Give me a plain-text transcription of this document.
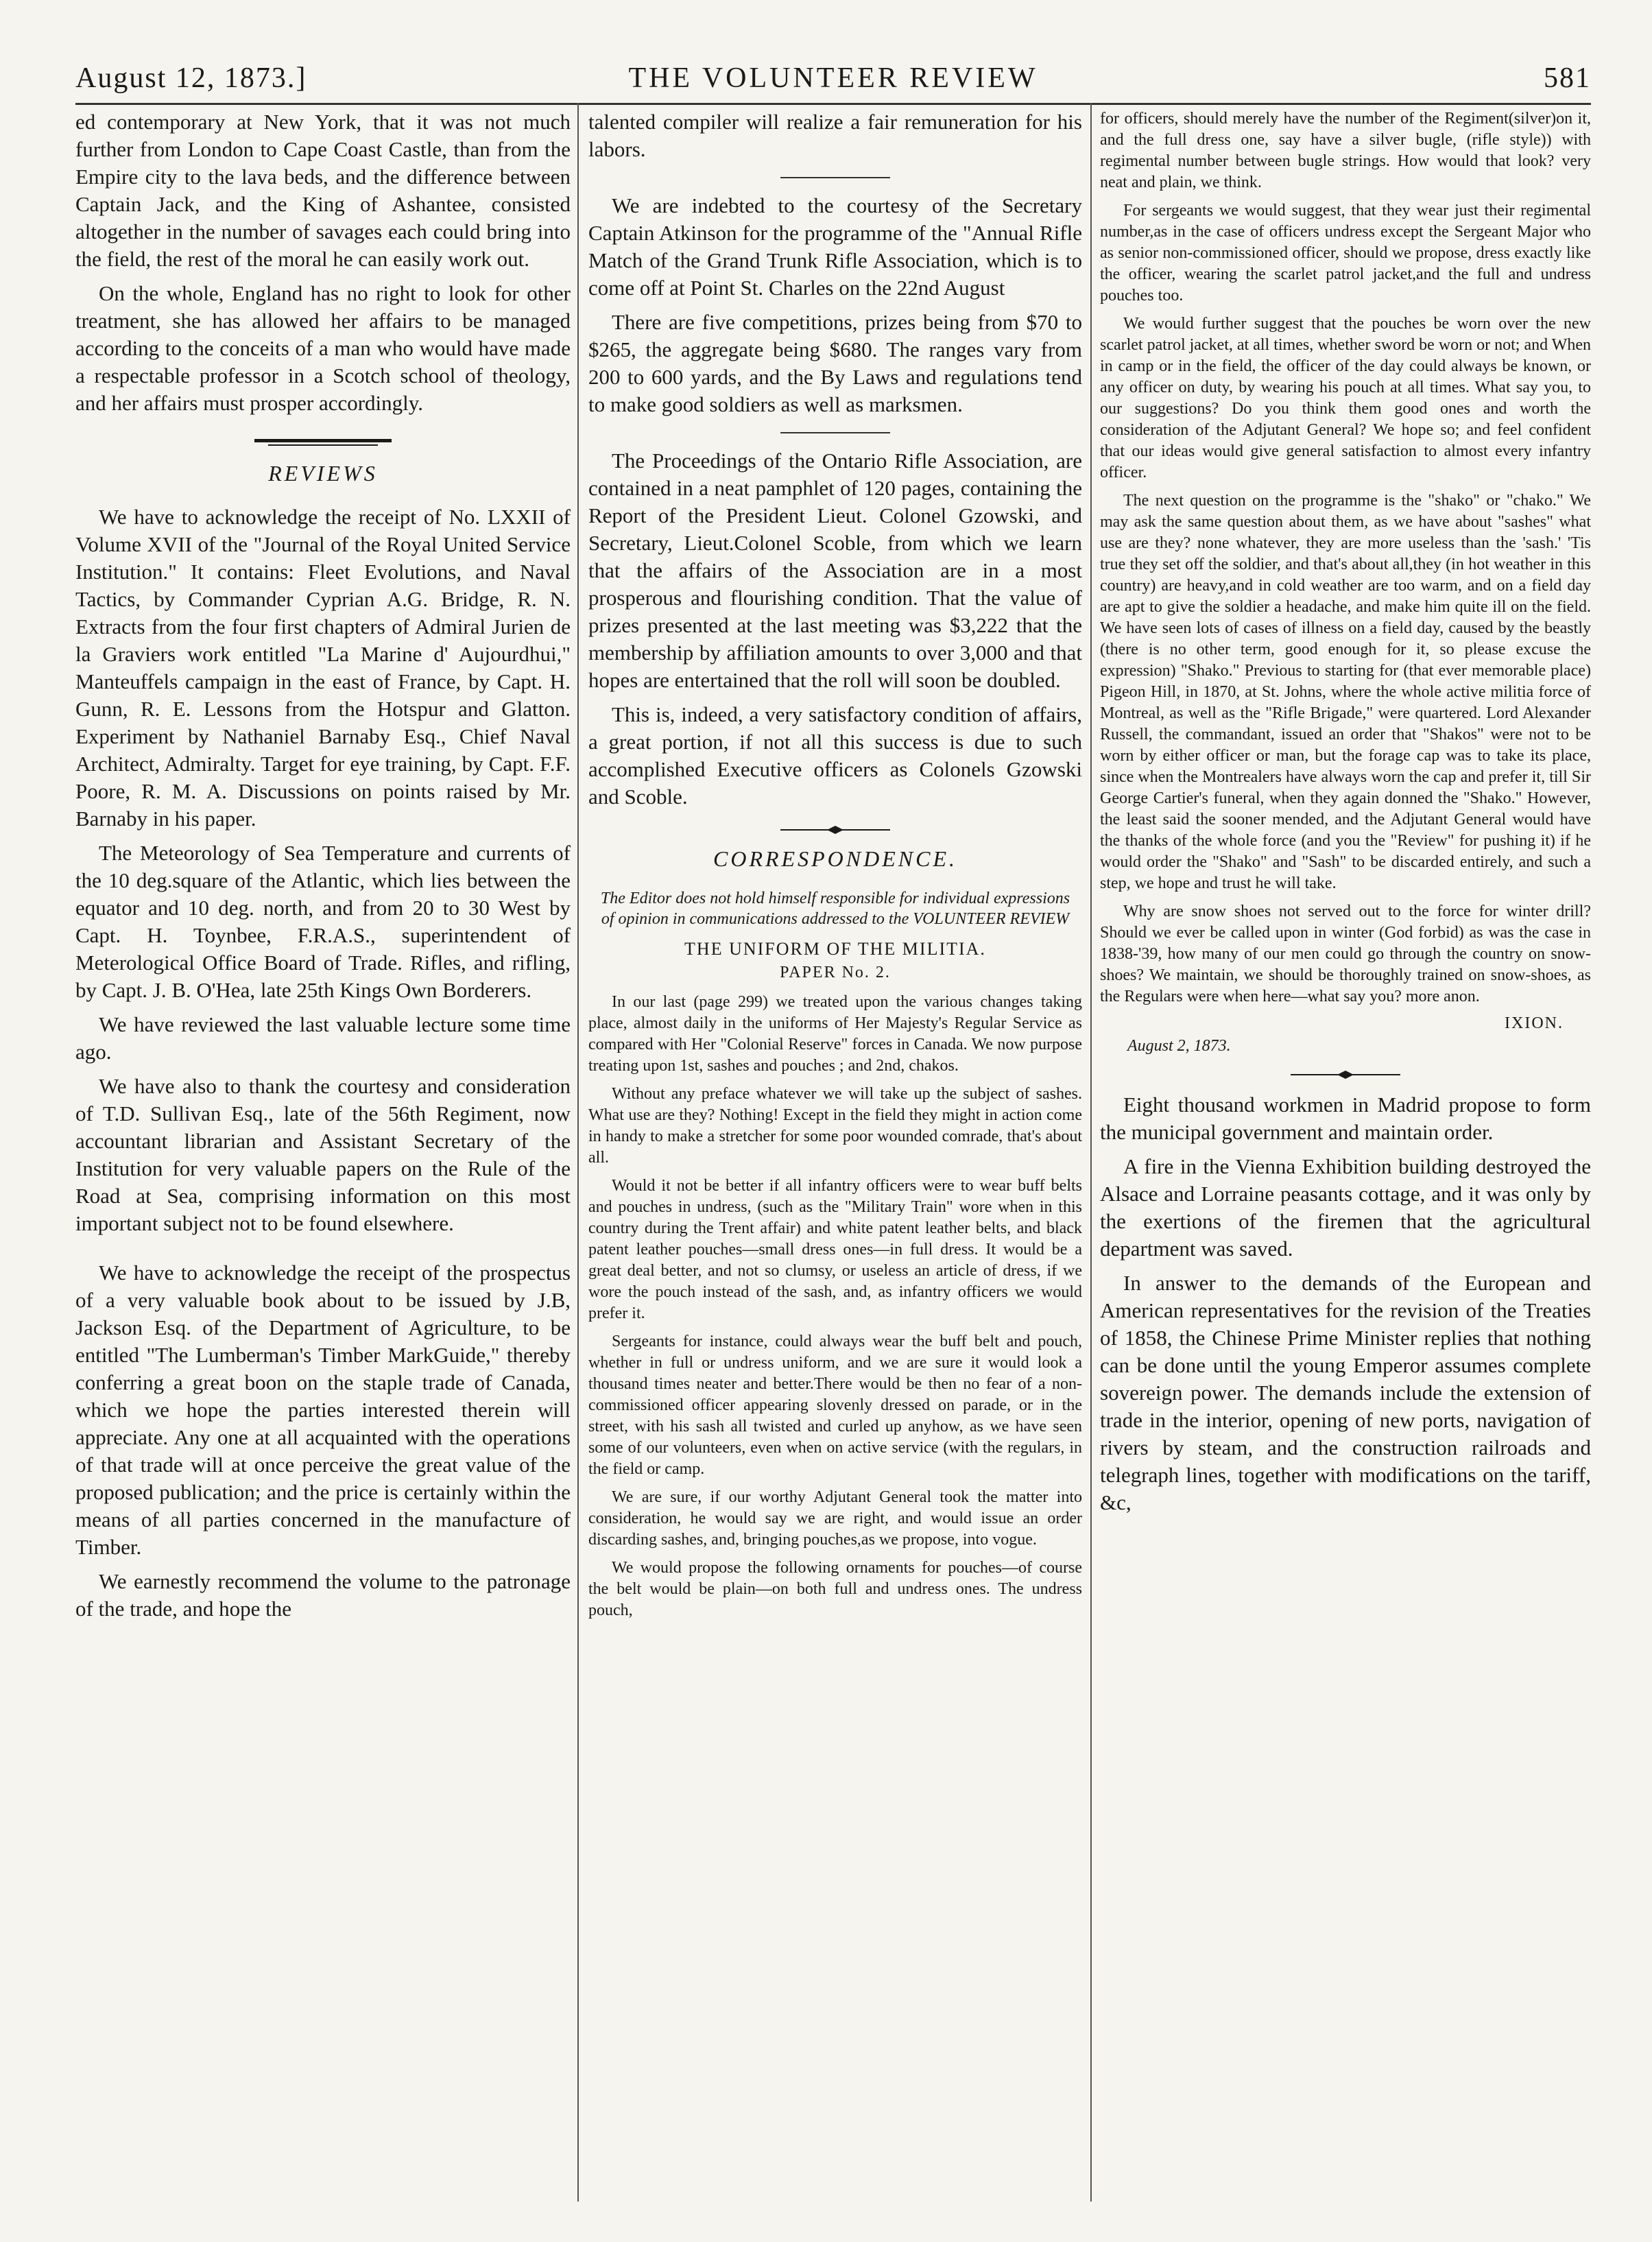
August 12, 1873.]	THE VOLUNTEER REVIEW	581

ed contemporary at New York, that it was not much further from London to Cape Coast Castle, than from the Empire city to the lava beds, and the difference between Captain Jack, and the King of Ashantee, consisted altogether in the number of savages each could bring into the field, the rest of the moral he can easily work out.

On the whole, England has no right to look for other treatment, she has allowed her affairs to be managed according to the conceits of a man who would have made a respectable professor in a Scotch school of theology, and her affairs must prosper accordingly.

REVIEWS

We have to acknowledge the receipt of No. LXXII of Volume XVII of the "Journal of the Royal United Service Institution." It contains: Fleet Evolutions, and Naval Tactics, by Commander Cyprian A.G. Bridge, R. N. Extracts from the four first chapters of Admiral Jurien de la Graviers work entitled "La Marine d' Aujourdhui," Manteuffels campaign in the east of France, by Capt. H. Gunn, R. E. Lessons from the Hotspur and Glatton. Experiment by Nathaniel Barnaby Esq., Chief Naval Architect, Admiralty. Target for eye training, by Capt. F.F. Poore, R. M. A. Discussions on points raised by Mr. Barnaby in his paper.

The Meteorology of Sea Temperature and currents of the 10 deg.square of the Atlantic, which lies between the equator and 10 deg. north, and from 20 to 30 West by Capt. H. Toynbee, F.R.A.S., superintendent of Meterological Office Board of Trade. Rifles, and rifling, by Capt. J. B. O'Hea, late 25th Kings Own Borderers.

We have reviewed the last valuable lecture some time ago.

We have also to thank the courtesy and consideration of T.D. Sullivan Esq., late of the 56th Regiment, now accountant librarian and Assistant Secretary of the Institution for very valuable papers on the Rule of the Road at Sea, comprising information on this most important subject not to be found elsewhere.

We have to acknowledge the receipt of the prospectus of a very valuable book about to be issued by J.B, Jackson Esq. of the Department of Agriculture, to be entitled "The Lumberman's Timber MarkGuide," thereby conferring a great boon on the staple trade of Canada, which we hope the parties interested therein will appreciate. Any one at all acquainted with the operations of that trade will at once perceive the great value of the proposed publication; and the price is certainly within the means of all parties concerned in the manufacture of Timber.

We earnestly recommend the volume to the patronage of the trade, and hope the

talented compiler will realize a fair remuneration for his labors.

We are indebted to the courtesy of the Secretary Captain Atkinson for the programme of the "Annual Rifle Match of the Grand Trunk Rifle Association, which is to come off at Point St. Charles on the 22nd August

There are five competitions, prizes being from $70 to $265, the aggregate being $680. The ranges vary from 200 to 600 yards, and the By Laws and regulations tend to make good soldiers as well as marksmen.

The Proceedings of the Ontario Rifle Association, are contained in a neat pamphlet of 120 pages, containing the Report of the President Lieut. Colonel Gzowski, and Secretary, Lieut.Colonel Scoble, from which we learn that the affairs of the Association are in a most prosperous and flourishing condition. That the value of prizes presented at the last meeting was $3,222 that the membership by affiliation amounts to over 3,000 and that hopes are entertained that the roll will soon be doubled.

This is, indeed, a very satisfactory condition of affairs, a great portion, if not all this success is due to such accomplished Executive officers as Colonels Gzowski and Scoble.

CORRESPONDENCE.
The Editor does not hold himself responsible for individual expressions of opinion in communications addressed to the VOLUNTEER REVIEW
THE UNIFORM OF THE MILITIA.
PAPER No. 2.

In our last (page 299) we treated upon the various changes taking place, almost daily in the uniforms of Her Majesty's Regular Service as compared with Her "Colonial Reserve" forces in Canada. We now purpose treating upon 1st, sashes and pouches ; and 2nd, chakos.

Without any preface whatever we will take up the subject of sashes. What use are they? Nothing! Except in the field they might in action come in handy to make a stretcher for some poor wounded comrade, that's about all.

Would it not be better if all infantry officers were to wear buff belts and pouches in undress, (such as the "Military Train" wore when in this country during the Trent affair) and white patent leather belts, and black patent leather pouches—small dress ones—in full dress. It would be a great deal better, and not so clumsy, or useless an article of dress, if we wore the pouch instead of the sash, and, as infantry officers we would prefer it.

Sergeants for instance, could always wear the buff belt and pouch, whether in full or undress uniform, and we are sure it would look a thousand times neater and better.There would be then no fear of a non-commissioned officer appearing slovenly dressed on parade, or in the street, with his sash all twisted and curled up anyhow, as we have seen some of our volunteers, even when on active service (with the regulars, in the field or camp.

We are sure, if our worthy Adjutant General took the matter into consideration, he would say we are right, and would issue an order discarding sashes, and, bringing pouches,as we propose, into vogue.

We would propose the following ornaments for pouches—of course the belt would be plain—on both full and undress ones. The undress pouch,

for officers, should merely have the number of the Regiment(silver)on it, and the full dress one, say have a silver bugle, (rifle style)) with regimental number between bugle strings. How would that look? very neat and plain, we think.

For sergeants we would suggest, that they wear just their regimental number,as in the case of officers undress except the Sergeant Major who as senior non-commissioned officer, should we propose, dress exactly like the officer, wearing the scarlet patrol jacket,and the full and undress pouches too.

We would further suggest that the pouches be worn over the new scarlet patrol jacket, at all times, whether sword be worn or not; and When in camp or in the field, the officer of the day could always be known, or any officer on duty, by wearing his pouch at all times. What say you, to our suggestions? Do you think them good ones and worth the consideration of the Adjutant General? We hope so; and feel confident that our ideas would give general satisfaction to almost every infantry officer.

The next question on the programme is the "shako" or "chako." We may ask the same question about them, as we have about "sashes" what use are they? none whatever, they are more useless than the 'sash.' 'Tis true they set off the soldier, and that's about all,they (in hot weather in this country) are heavy,and in cold weather are too warm, and on a field day are apt to give the soldier a headache, and make him quite ill on the field. We have seen lots of cases of illness on a field day, caused by the beastly (there is no other term, good enough for it, so please excuse the expression) "Shako." Previous to starting for (that ever memorable place) Pigeon Hill, in 1870, at St. Johns, where the whole active militia force of Montreal, as well as the "Rifle Brigade," were quartered. Lord Alexander Russell, the commandant, issued an order that "Shakos" were not to be worn by either officer or man, but the forage cap was to take its place, since when the Montrealers have always worn the cap and prefer it, till Sir George Cartier's funeral, when they again donned the "Shako." However, the least said the sooner mended, and the Adjutant General would have the thanks of the whole force (and you the "Review" for pushing it) if he would order the "Shako" and "Sash" to be discarded entirely, and such a step, we hope and trust he will take.

Why are snow shoes not served out to the force for winter drill? Should we ever be called upon in winter (God forbid) as was the case in 1838-'39, how many of our men could go through the country on snow-shoes? We maintain, we should be thoroughly trained on snow-shoes, as the Regulars were when here—what say you? more anon.

IXION.
August 2, 1873.

Eight thousand workmen in Madrid propose to form the municipal government and maintain order.

A fire in the Vienna Exhibition building destroyed the Alsace and Lorraine peasants cottage, and it was only by the exertions of the firemen that the agricultural department was saved.

In answer to the demands of the European and American representatives for the revision of the Treaties of 1858, the Chinese Prime Minister replies that nothing can be done until the young Emperor assumes complete sovereign power. The demands include the extension of trade in the interior, opening of new ports, navigation of rivers by steam, and the construction railroads and telegraph lines, together with modifications on the tariff, &c,
